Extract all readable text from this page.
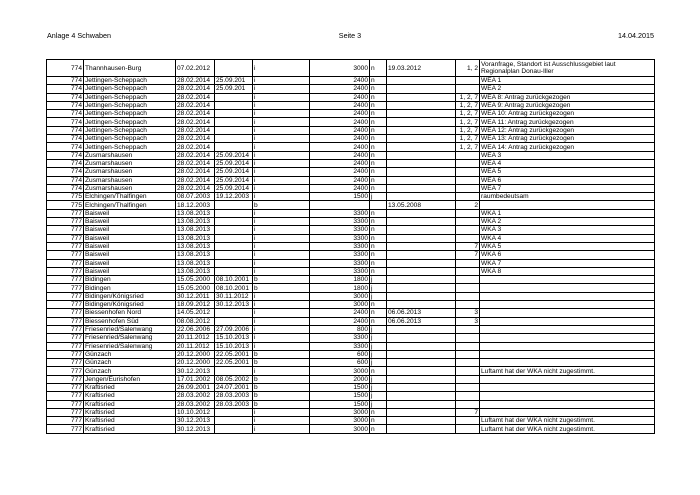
Anlage 4 Schwaben	Seite 3	14.04.2015
774	Thannhausen-Burg	07.02.2012		i	3000	n	19.03.2012	1, 2	Voranfrage, Standort ist Ausschlussgebiet laut Regionalplan Donau-Iller
774	Jettingen-Scheppach	28.02.2014	25.09.201	i	2400	n			WEA 1
774	Jettingen-Scheppach	28.02.2014	25.09.201	i	2400	n			WEA 2
774	Jettingen-Scheppach	28.02.2014		i	2400	n		1, 2, 7	WEA 8: Antrag zurückgezogen
774	Jettingen-Scheppach	28.02.2014		i	2400	n		1, 2, 7	WEA 9: Antrag zurückgezogen
774	Jettingen-Scheppach	28.02.2014		i	2400	n		1, 2, 7	WEA 10: Antrag zurückgezogen
774	Jettingen-Scheppach	28.02.2014		i	2400	n		1, 2, 7	WEA 11: Antrag zurückgezogen
774	Jettingen-Scheppach	28.02.2014		i	2400	n		1, 2, 7	WEA 12: Antrag zurückgezogen
774	Jettingen-Scheppach	28.02.2014		i	2400	n		1, 2, 7	WEA 13: Antrag zurückgezogen
774	Jettingen-Scheppach	28.02.2014		i	2400	n		1, 2, 7	WEA 14: Antrag zurückgezogen
774	Zusmarshausen	28.02.2014	25.09.2014	i	2400	n			WEA 3
774	Zusmarshausen	28.02.2014	25.09.2014	i	2400	n			WEA 4
774	Zusmarshausen	28.02.2014	25.09.2014	i	2400	n			WEA 5
774	Zusmarshausen	28.02.2014	25.09.2014	i	2400	n			WEA 6
774	Zusmarshausen	28.02.2014	25.09.2014	i	2400	n			WEA 7
775	Elchingen/Thalfingen	08.07.2003	19.12.2003	i	1500	j			raumbedeutsam
775	Elchingen/Thalfingen	18.12.2003		b			13.05.2008	2	
777	Baisweil	13.08.2013		i	3300	n			WKA 1
777	Baisweil	13.08.2013		i	3300	n			WKA 2
777	Baisweil	13.08.2013		i	3300	n			WKA 3
777	Baisweil	13.08.2013		i	3300	n			WKA 4
777	Baisweil	13.08.2013		i	3300	n		7	WKA 5
777	Baisweil	13.08.2013		i	3300	n		7	WKA 6
777	Baisweil	13.08.2013		i	3300	n			WKA 7
777	Baisweil	13.08.2013		i	3300	n			WKA 8
777	Bidingen	15.05.2000	08.10.2001	b	1800	j			
777	Bidingen	15.05.2000	08.10.2001	b	1800	j			
777	Bidingen/Königsried	30.12.2011	30.11.2012	i	3000	j			
777	Bidingen/Königsried	18.09.2012	30.12.2013	i	3000	n			
777	Biessenhofen Nord	14.05.2012		i	2400	n	06.06.2013	3	
777	Biessenhofen Süd	08.08.2012		i	2400	n	06.06.2013	3	
777	Friesenried/Salenwang	22.06.2006	27.09.2006	i	800	j			
777	Friesenried/Salenwang	20.11.2012	15.10.2013	i	3300	j			
777	Friesenried/Salenwang	20.11.2012	15.10.2013	i	3300	j			
777	Günzach	20.12.2000	22.05.2001	b	600	j			
777	Günzach	20.12.2000	22.05.2001	b	600	j			
777	Günzach	30.12.2013		i	3000	n			Luftamt hat der WKA nicht zugestimmt.
777	Jengen/Eurishofen	17.01.2002	08.05.2002	b	2000	j			
777	Kraftisried	26.09.2001	24.07.2001	b	1500	j			
777	Kraftisried	28.03.2002	28.03.2003	b	1500	j			
777	Kraftisried	28.03.2002	28.03.2003	b	1500	j			
777	Kraftisried	10.10.2012		i	3000	n		7	
777	Kraftisried	30.12.2013		i	3000	n			Luftamt hat der WKA nicht zugestimmt.
777	Kraftisried	30.12.2013		i	3000	n			Luftamt hat der WKA nicht zugestimmt.
